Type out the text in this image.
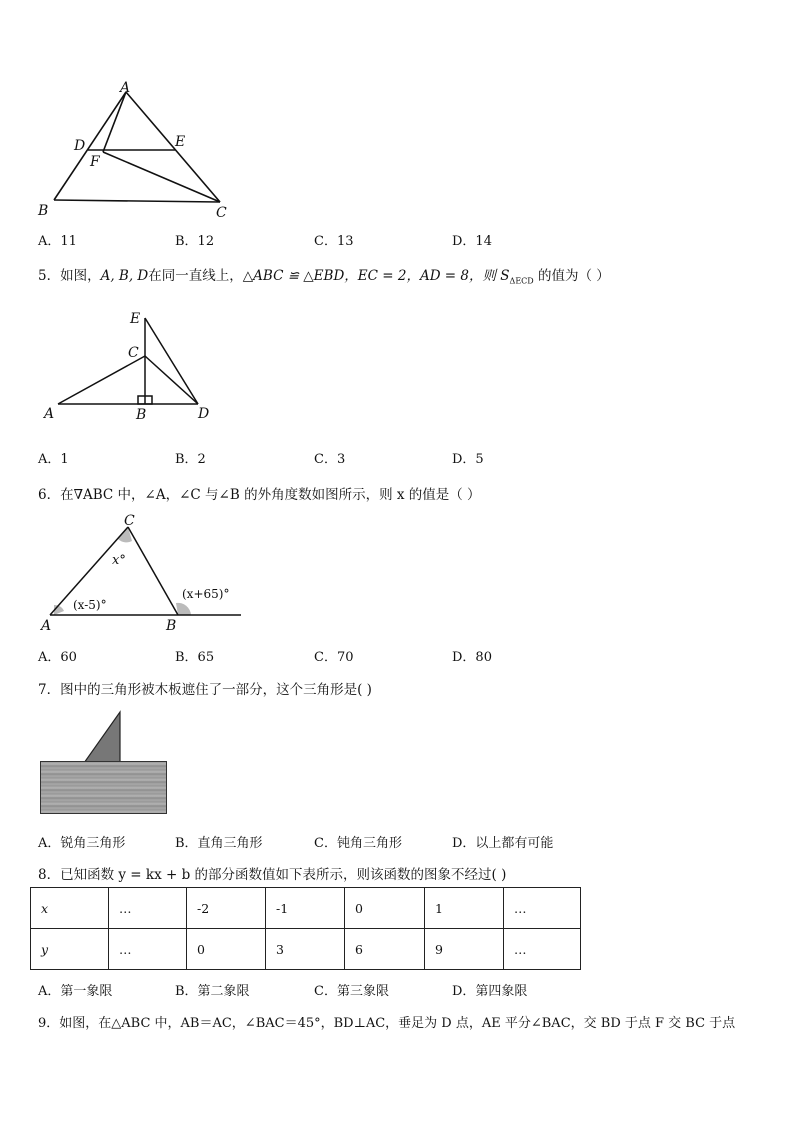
A
D	E
F
B	C
A．11	B．12	C．13	D．14
5．如图，A, B, D在同一直线上，△ABC ≌ △EBD，EC = 2，AD = 8，则 $S_{\Delta ECD}$ 的值为（ ）
E
C
A	B	D
A．1	B．2	C．3	D．5
6．在∇ABC 中，∠A，∠C 与∠B 的外角度数如图所示，则 x 的值是（ ）
C
x°
A	B
(x-5)°
(x+65)°
A．60	B．65	C．70	D．80
7．图中的三角形被木板遮住了一部分，这个三角形是( )
A．锐角三角形	B．直角三角形	C．钝角三角形	D．以上都有可能
8．已知函数 y = kx + b 的部分函数值如下表所示，则该函数的图象不经过( )
x	…	-2	-1	0	1	…
y	…	0	3	6	9	…
A．第一象限	B．第二象限	C．第三象限	D．第四象限
9．如图，在△ABC 中，AB＝AC，∠BAC＝45°，BD⊥AC，垂足为 D 点，AE 平分∠BAC，交 BD 于点 F 交 BC 于点
